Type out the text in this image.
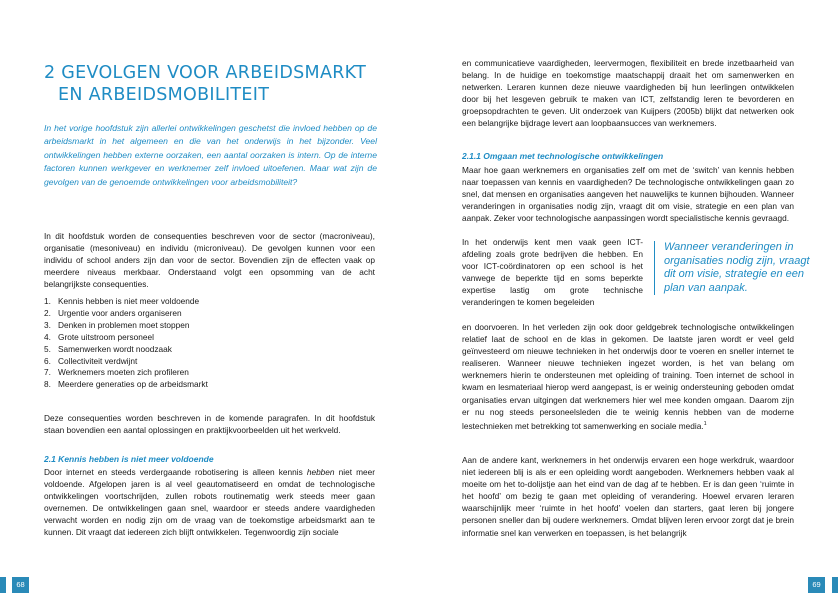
2 GEVOLGEN VOOR ARBEIDSMARKT
EN ARBEIDSMOBILITEIT

In het vorige hoofdstuk zijn allerlei ontwikkelingen geschetst die invloed hebben op de arbeidsmarkt in het algemeen en die van het onderwijs in het bijzonder. Veel ontwikkelingen hebben externe oorzaken, een aantal oorzaken is intern. Op de interne factoren kunnen werkgever en werknemer zelf invloed uitoefenen. Maar wat zijn de gevolgen van de genoemde ontwikkelingen voor arbeidsmobiliteit?

In dit hoofdstuk worden de consequenties beschreven voor de sector (macroniveau), organisatie (mesoniveau) en individu (microniveau). De gevolgen kunnen voor een individu of school anders zijn dan voor de sector. Bovendien zijn de effecten vaak op meerdere niveaus merkbaar. Onderstaand volgt een opsomming van de acht belangrijkste consequenties.

1. Kennis hebben is niet meer voldoende
2. Urgentie voor anders organiseren
3. Denken in problemen moet stoppen
4. Grote uitstroom personeel
5. Samenwerken wordt noodzaak
6. Collectiviteit verdwijnt
7. Werknemers moeten zich profileren
8. Meerdere generaties op de arbeidsmarkt

Deze consequenties worden beschreven in de komende paragrafen. In dit hoofdstuk staan bovendien een aantal oplossingen en praktijkvoorbeelden uit het werkveld.

2.1 Kennis hebben is niet meer voldoende

Door internet en steeds verdergaande robotisering is alleen kennis hebben niet meer voldoende. Afgelopen jaren is al veel geautomatiseerd en omdat de technologische ontwikkelingen voortschrijden, zullen robots routinematig werk steeds meer gaan overnemen. De ontwikkelingen gaan snel, waardoor er steeds andere vaardigheden verwacht worden en nodig zijn om de vraag van de toekomstige arbeidsmarkt aan te kunnen. Dit vraagt dat iedereen zich blijft ontwikkelen. Tegenwoordig zijn sociale

68

en communicatieve vaardigheden, leervermogen, flexibiliteit en brede inzetbaarheid van belang. In de huidige en toekomstige maatschappij draait het om samenwerken en netwerken. Leraren kunnen deze nieuwe vaardigheden bij hun leerlingen ontwikkelen door bij het lesgeven gebruik te maken van ICT, zelfstandig leren te bevorderen en groepsopdrachten te geven. Uit onderzoek van Kuijpers (2005b) blijkt dat netwerken ook een belangrijke bijdrage levert aan loopbaansucces van werknemers.

2.1.1 Omgaan met technologische ontwikkelingen

Maar hoe gaan werknemers en organisaties zelf om met de ‘switch’ van kennis hebben naar toepassen van kennis en vaardigheden? De technologische ontwikkelingen gaan zo snel, dat mensen en organisaties aangeven het nauwelijks te kunnen bijhouden. Wanneer veranderingen in organisaties nodig zijn, vraagt dit om visie, strategie en een plan van aanpak. Zeker voor technologische aanpassingen wordt specialistische kennis gevraagd.

In het onderwijs kent men vaak geen ICT-afdeling zoals grote bedrijven die hebben. En voor ICT-coördinatoren op een school is het vanwege de beperkte tijd en soms beperkte expertise lastig om grote technische veranderingen te komen begeleiden

Wanneer veranderingen in organisaties nodig zijn, vraagt dit om visie, strategie en een plan van aanpak.

en doorvoeren. In het verleden zijn ook door geldgebrek technologische ontwikkelingen relatief laat de school en de klas in gekomen. De laatste jaren wordt er veel geld geïnvesteerd om nieuwe technieken in het onderwijs door te voeren en sneller internet te realiseren. Wanneer nieuwe technieken ingezet worden, is het van belang om werknemers hierin te ondersteunen met opleiding of training. Toen internet de school in kwam en lesmateriaal hierop werd aangepast, is er weinig ondersteuning geboden omdat organisaties ervan uitgingen dat werknemers hier wel mee konden omgaan. Daarom zijn er nu nog steeds personeelsleden die te weinig kennis hebben van de moderne lestechnieken met betrekking tot samenwerking en sociale media.$^1$

Aan de andere kant, werknemers in het onderwijs ervaren een hoge werkdruk, waardoor niet iedereen blij is als er een opleiding wordt aangeboden. Werknemers hebben vaak al moeite om het to-dolijstje aan het eind van de dag af te hebben. Er is dan geen ‘ruimte in het hoofd’ om bezig te gaan met opleiding of verandering. Hoewel ervaren leraren waarschijnlijk meer ‘ruimte in het hoofd’ voelen dan starters, gaat leren bij jongere personen sneller dan bij oudere werknemers. Omdat blijven leren ervoor zorgt dat je brein informatie snel kan verwerken en toepassen, is het belangrijk

69
